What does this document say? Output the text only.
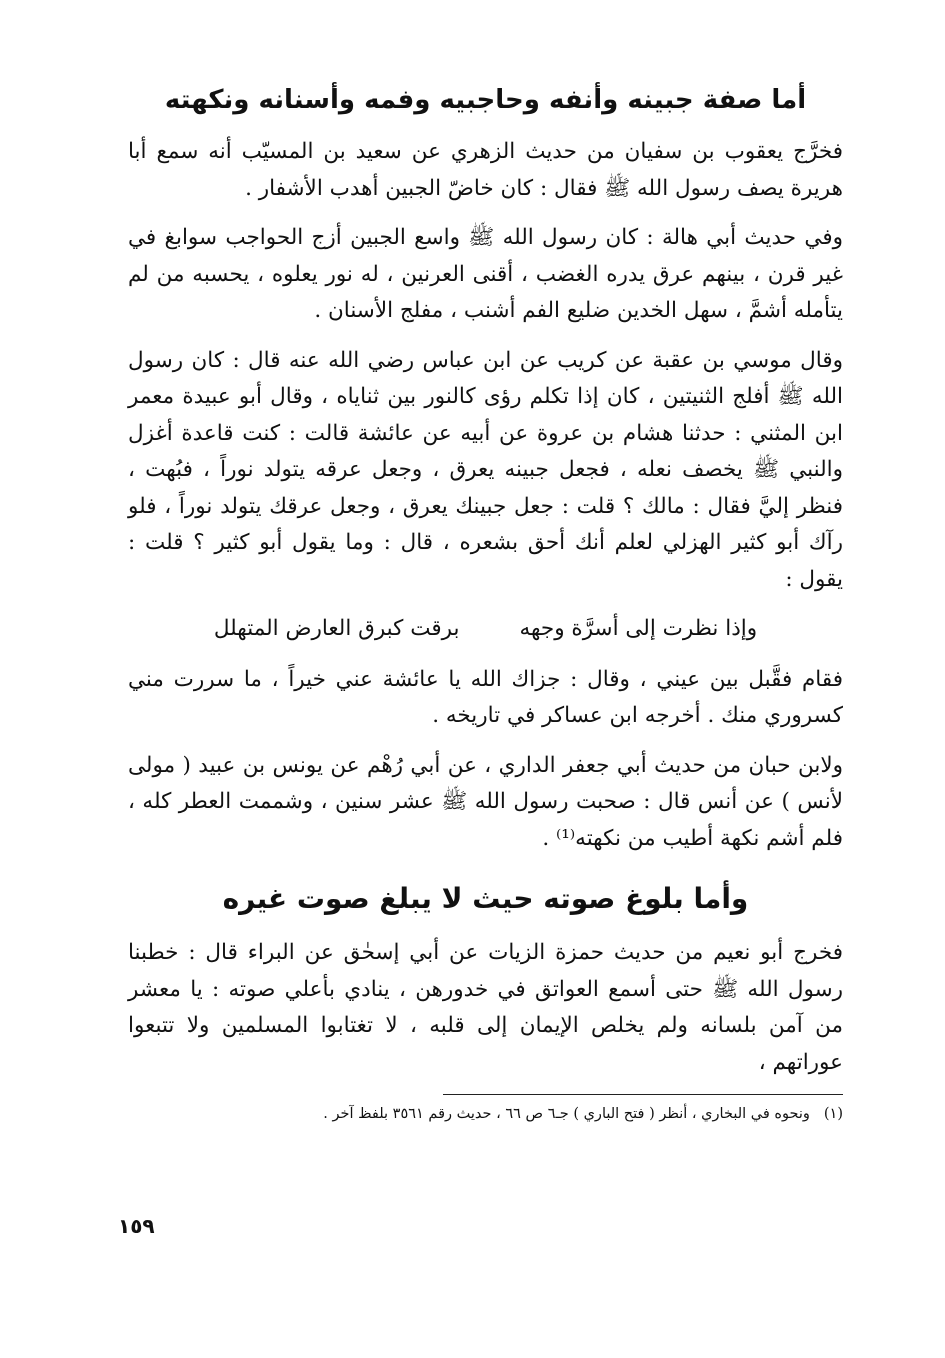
أما صفة جبينه وأنفه وحاجبيه وفمه وأسنانه ونكهته

فخرَّج يعقوب بن سفيان من حديث الزهري عن سعيد بن المسيّب أنه سمع أبا هريرة يصف رسول الله ﷺ فقال : كان خاضّ الجبين أهدب الأشفار .

وفي حديث أبي هالة : كان رسول الله ﷺ واسع الجبين أزج الحواجب سوابغ في غير قرن ، بينهم عرق يدره الغضب ، أقنى العرنين ، له نور يعلوه ، يحسبه من لم يتأمله أشمَّ ، سهل الخدين ضليع الفم أشنب ، مفلج الأسنان .

وقال موسي بن عقبة عن كريب عن ابن عباس رضي الله عنه قال : كان رسول الله ﷺ أفلج الثنيتين ، كان إذا تكلم رؤى كالنور بين ثناياه ، وقال أبو عبيدة معمر ابن المثني : حدثنا هشام بن عروة عن أبيه عن عائشة قالت : كنت قاعدة أغزل والنبي ﷺ يخصف نعله ، فجعل جبينه يعرق ، وجعل عرقه يتولد نوراً ، فبُهت ، فنظر إليَّ فقال : مالك ؟ قلت : جعل جبينك يعرق ، وجعل عرقك يتولد نوراً ، فلو رآك أبو كثير الهزلي لعلم أنك أحق بشعره ، قال : وما يقول أبو كثير ؟ قلت : يقول :

وإذا نظرت إلى أسرَّة وجهه
برقت كبرق العارض المتهلل

فقام فقَّبل بين عيني ، وقال : جزاك الله يا عائشة عني خيراً ، ما سررت مني كسروري منك . أخرجه ابن عساكر في تاريخه .

ولابن حبان من حديث أبي جعفر الداري ، عن أبي رُهْم عن يونس بن عبيد ( مولى لأنس ) عن أنس قال : صحبت رسول الله ﷺ عشر سنين ، وشممت العطر كله ، فلم أشم نكهة أطيب من نكهته⁽¹⁾ .

وأما بلوغ صوته حيث لا يبلغ صوت غيره

فخرج أبو نعيم من حديث حمزة الزيات عن أبي إسحٰق عن البراء قال : خطبنا رسول الله ﷺ حتى أسمع العواتق في خدورهن ، ينادي بأعلي صوته : يا معشر من آمن بلسانه ولم يخلص الإيمان إلى قلبه ، لا تغتابوا المسلمين ولا تتبعوا عوراتهم ،

(١)
ونحوه في البخاري ، أنظر ( فتح الباري ) جـ٦ ص ٦٦ ، حديث رقم ٣٥٦١ بلفظ آخر .
١٥٩
